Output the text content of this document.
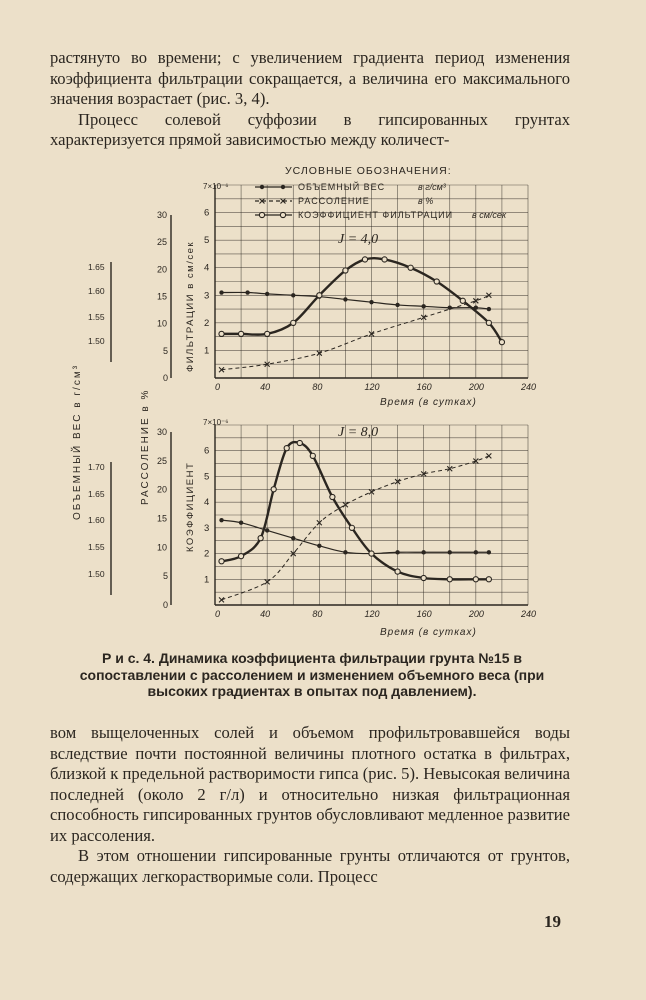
растянуто во времени; с увеличением градиента период изменения коэффициента фильтрации сокращается, а величина его максимального значения возрастает (рис. 3, 4).

Процесс солевой суффозии в гипсированных грунтах характеризуется прямой зависимостью между количест-

УСЛОВНЫЕ ОБОЗНАЧЕНИЯ:
ОБЪЕМНЫЙ ВЕС	в г/см³
РАССОЛЕНИЕ	в %
КОЭФФИЦИЕНТ ФИЛЬТРАЦИИ в см/сек
ОБЪЕМНЫЙ ВЕС в г/см³	РАССОЛЕНИЕ в %
ФИЛЬТРАЦИИ в см/сек
КОЭФФИЦИЕНТ
0	40	80	120	160	200	240
1
2
3
4
5
6
0
5
10
15
20
25
30
1.65
1.60
1.55
1.50
J = 4,0
7×10⁻⁶
Время (в сутках)
0	40	80	120	160	200	240
1
2
3
4
5
6
0
5
10
15
20
25
30
1.70
1.65
1.60
1.55
1.50
J = 8,0
7×10⁻⁶
Время (в сутках)
Р и с. 4. Динамика коэффициента фильтрации грунта №15 в сопоставлении с рассолением и изменением объемного веса (при высоких градиентах в опытах под давлением).

вом выщелоченных солей и объемом профильтровавшейся воды вследствие почти постоянной величины плотного остатка в фильтрах, близкой к предельной растворимости гипса (рис. 5). Невысокая величина последней (около 2 г/л) и относительно низкая фильтрационная способность гипсированных грунтов обусловливают медленное развитие их рассоления.

В этом отношении гипсированные грунты отличаются от грунтов, содержащих легкорастворимые соли. Процесс

19
